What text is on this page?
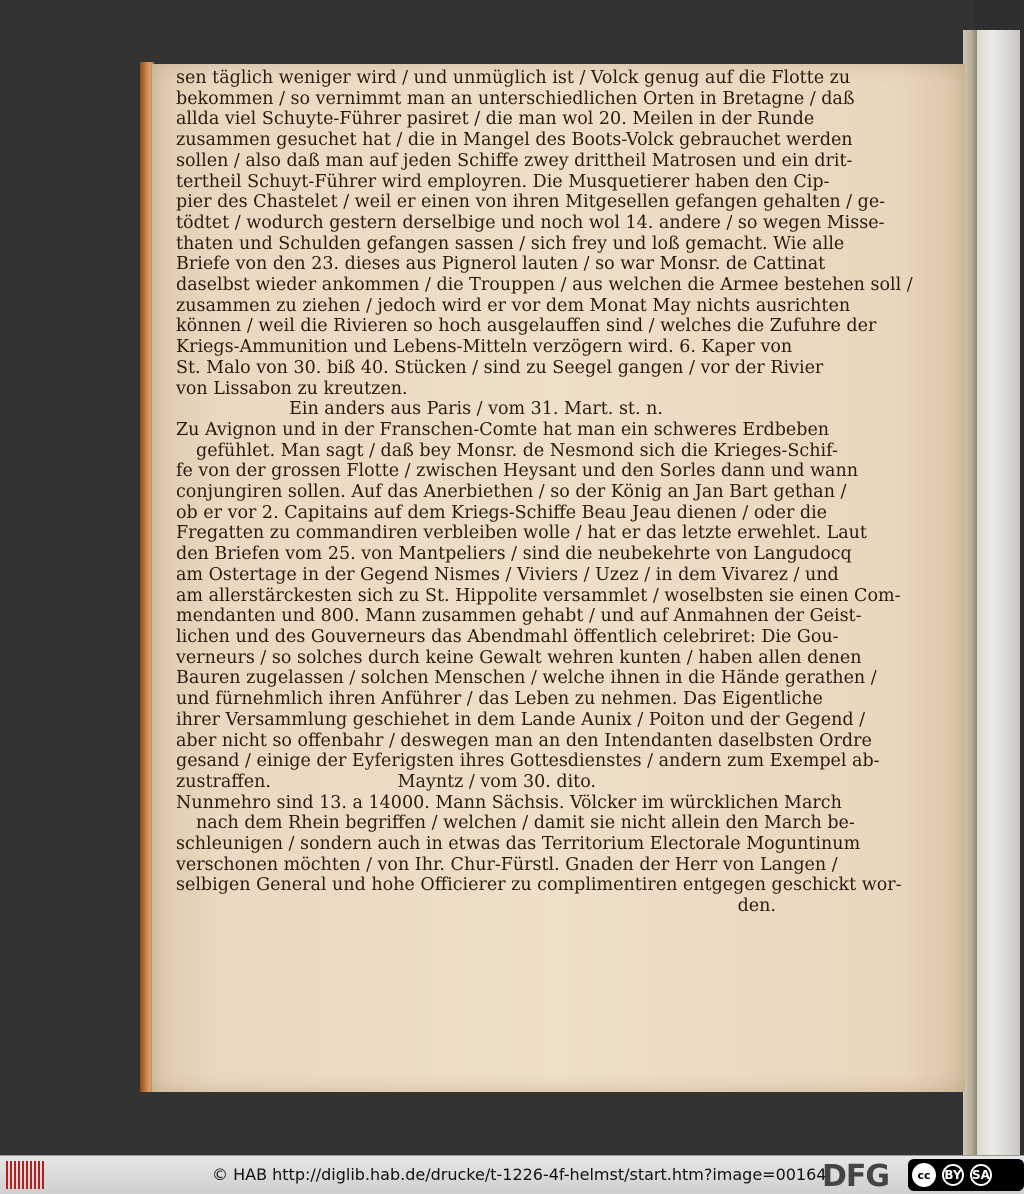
sen täglich weniger wird / und unmüglich ist / Volck genug auf die Flotte zu
bekommen / so vernimmt man an unterschiedlichen Orten in Bretagne / daß
allda viel Schuyte-Führer pasiret / die man wol 20. Meilen in der Runde
zusammen gesuchet hat / die in Mangel des Boots-Volck gebrauchet werden
sollen / also daß man auf jeden Schiffe zwey drittheil Matrosen und ein drit-
tertheil Schuyt-Führer wird employren. Die Musquetierer haben den Cip-
pier des Chastelet / weil er einen von ihren Mitgesellen gefangen gehalten / ge-
tödtet / wodurch gestern derselbige und noch wol 14. andere / so wegen Misse-
thaten und Schulden gefangen sassen / sich frey und loß gemacht. Wie alle
Briefe von den 23. dieses aus Pignerol lauten / so war Monsr. de Cattinat
daselbst wieder ankommen / die Trouppen / aus welchen die Armee bestehen soll /
zusammen zu ziehen / jedoch wird er vor dem Monat May nichts ausrichten
können / weil die Rivieren so hoch ausgelauffen sind / welches die Zufuhre der
Kriegs-Ammunition und Lebens-Mitteln verzögern wird. 6. Kaper von
St. Malo von 30. biß 40. Stücken / sind zu Seegel gangen / vor der Rivier
von Lissabon zu kreutzen.
Ein anders aus Paris / vom 31. Mart. st. n.
Zu Avignon und in der Franschen-Comte hat man ein schweres Erdbeben
gefühlet. Man sagt / daß bey Monsr. de Nesmond sich die Krieges-Schif-
fe von der grossen Flotte / zwischen Heysant und den Sorles dann und wann
conjungiren sollen. Auf das Anerbiethen / so der König an Jan Bart gethan /
ob er vor 2. Capitains auf dem Kriegs-Schiffe Beau Jeau dienen / oder die
Fregatten zu commandiren verbleiben wolle / hat er das letzte erwehlet. Laut
den Briefen vom 25. von Mantpeliers / sind die neubekehrte von Langudocq
am Ostertage in der Gegend Nismes / Viviers / Uzez / in dem Vivarez / und
am allerstärckesten sich zu St. Hippolite versammlet / woselbsten sie einen Com-
mendanten und 800. Mann zusammen gehabt / und auf Anmahnen der Geist-
lichen und des Gouverneurs das Abendmahl öffentlich celebriret: Die Gou-
verneurs / so solches durch keine Gewalt wehren kunten / haben allen denen
Bauren zugelassen / solchen Menschen / welche ihnen in die Hände gerathen /
und fürnehmlich ihren Anführer / das Leben zu nehmen. Das Eigentliche
ihrer Versammlung geschiehet in dem Lande Aunix / Poiton und der Gegend /
aber nicht so offenbahr / deswegen man an den Intendanten daselbsten Ordre
gesand / einige der Eyferigsten ihres Gottesdienstes / andern zum Exempel ab-
zustraffen.	Mayntz / vom 30. dito.
Nunmehro sind 13. a 14000. Mann Sächsis. Völcker im würcklichen March
nach dem Rhein begriffen / welchen / damit sie nicht allein den March be-
schleunigen / sondern auch in etwas das Territorium Electorale Moguntinum
verschonen möchten / von Ihr. Chur-Fürstl. Gnaden der Herr von Langen /
selbigen General und hohe Officierer zu complimentiren entgegen geschickt wor-
den.
© HAB http://diglib.hab.de/drucke/t-1226-4f-helmst/start.htm?image=00164
DFG	cc	BY SA
